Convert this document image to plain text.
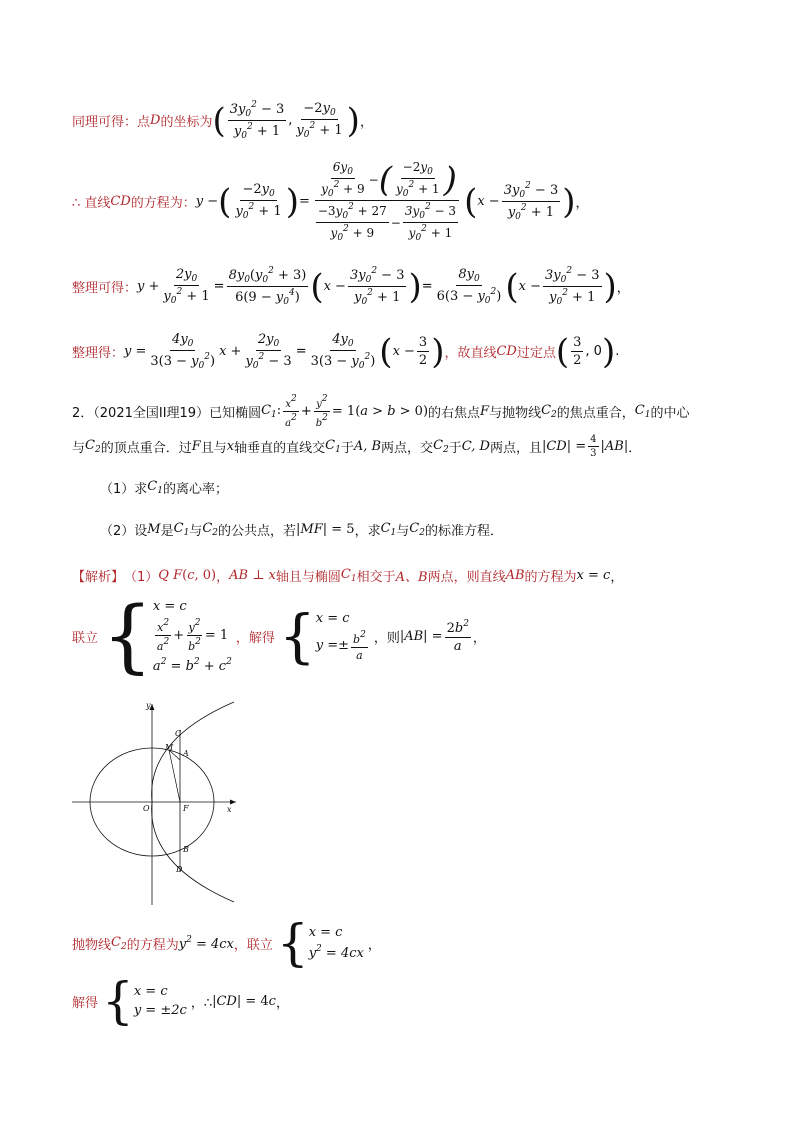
同理可得：点 D 的坐标为 ( $\frac{3y_0^2 - 3}{y_0^2 + 1}$ , $\frac{-2y_0}{y_0^2 + 1}$ ) ，
∴ 直线 CD 的方程为： y − ( $\frac{-2y_0}{y_0^2 + 1}$ ) = $\frac{\frac{6y_0}{y_0^2 + 9} - ( \frac{-2y_0}{y_0^2 + 1} )}{\frac{-3y_0^2 + 27}{y_0^2 + 9} - \frac{3y_0^2 - 3}{y_0^2 + 1}}$ ( $x - \frac{3y_0^2 - 3}{y_0^2 + 1}$ ) ，
整理可得： $y + \frac{2y_0}{y_0^2 + 1} = \frac{8y_0(y_0^2 + 3)}{6(9 - y_0^4)}$ ( $x - \frac{3y_0^2 - 3}{y_0^2 + 1}$ ) = $\frac{8y_0}{6(3 - y_0^2)}$ ( $x - \frac{3y_0^2 - 3}{y_0^2 + 1}$ ) ，
整理得： $y = \frac{4y_0}{3(3 - y_0^2)}$ $x + \frac{2y_0}{y_0^2 - 3} = \frac{4y_0}{3(3 - y_0^2)}$ ( $x - \frac{3}{2}$ ) ，故直线 CD 过定点 ( $\frac{3}{2}$ , 0 ) .
2．（2021全国II理19）已知椭圆 $C_1$: $\frac{x2}{a2} + \frac{y2}{b2} = 1(a > b > 0)$ 的右焦点 F 与抛物线 $C_2$ 的焦点重合， $C_1$ 的中心
与 $C_2$ 的顶点重合．过 F 且与 x 轴垂直的直线交 $C_1$ 于 A, B 两点，交 $C_2$ 于 C, D 两点，且 $|CD| = \frac{4}{3} |AB|$ ．
（1）求 $C_1$ 的离心率；
（2）设 M 是 $C_1$ 与 $C_2$ 的公共点，若 |MF| = 5 ，求 $C_1$ 与 $C_2$ 的标准方程．
【解析】 （1） Q F(c, 0) ， AB ⊥ x 轴且与椭圆 $C_1$ 相交于 A、B 两点，则直线 AB 的方程为 x = c ，
联立 { x = c
$\frac{x^2}{a^2} + \frac{y^2}{b^2} = 1$
$a^2 = b^2 + c^2$
，解得 { x = c
y = ± $\frac{b^2}{a}$ ，则 $|AB| = \frac{2b^2}{a}$ ，
y
x
O	F
C
M
A
B
D
抛物线 $C_2$ 的方程为 $y^2 = 4cx$ ，联立 { x = c
$y^2 = 4cx$
，
解得 { x = c
y = ±2c ，∴ |CD| = 4c ，
